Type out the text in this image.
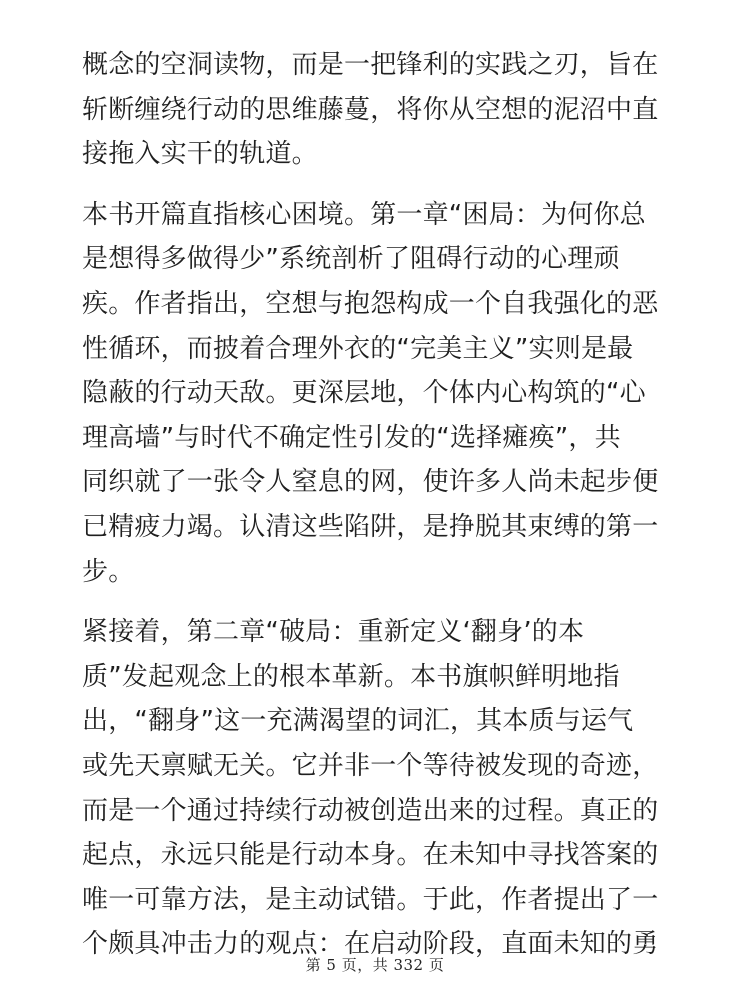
概念的空洞读物，而是一把锋利的实践之刃，旨在
斩断缠绕行动的思维藤蔓，将你从空想的泥沼中直
接拖入实干的轨道。

本书开篇直指核心困境。第一章“困局：为何你总
是想得多做得少”系统剖析了阻碍行动的心理顽
疾。作者指出，空想与抱怨构成一个自我强化的恶
性循环，而披着合理外衣的“完美主义”实则是最
隐蔽的行动天敌。更深层地，个体内心构筑的“心
理高墙”与时代不确定性引发的“选择瘫痪”，共
同织就了一张令人窒息的网，使许多人尚未起步便
已精疲力竭。认清这些陷阱，是挣脱其束缚的第一
步。

紧接着，第二章“破局：重新定义‘翻身’的本
质”发起观念上的根本革新。本书旗帜鲜明地指
出，“翻身”这一充满渴望的词汇，其本质与运气
或先天禀赋无关。它并非一个等待被发现的奇迹，
而是一个通过持续行动被创造出来的过程。真正的
起点，永远只能是行动本身。在未知中寻找答案的
唯一可靠方法，是主动试错。于此，作者提出了一
个颇具冲击力的观点：在启动阶段，直面未知的勇

第 5 页，共 332 页
